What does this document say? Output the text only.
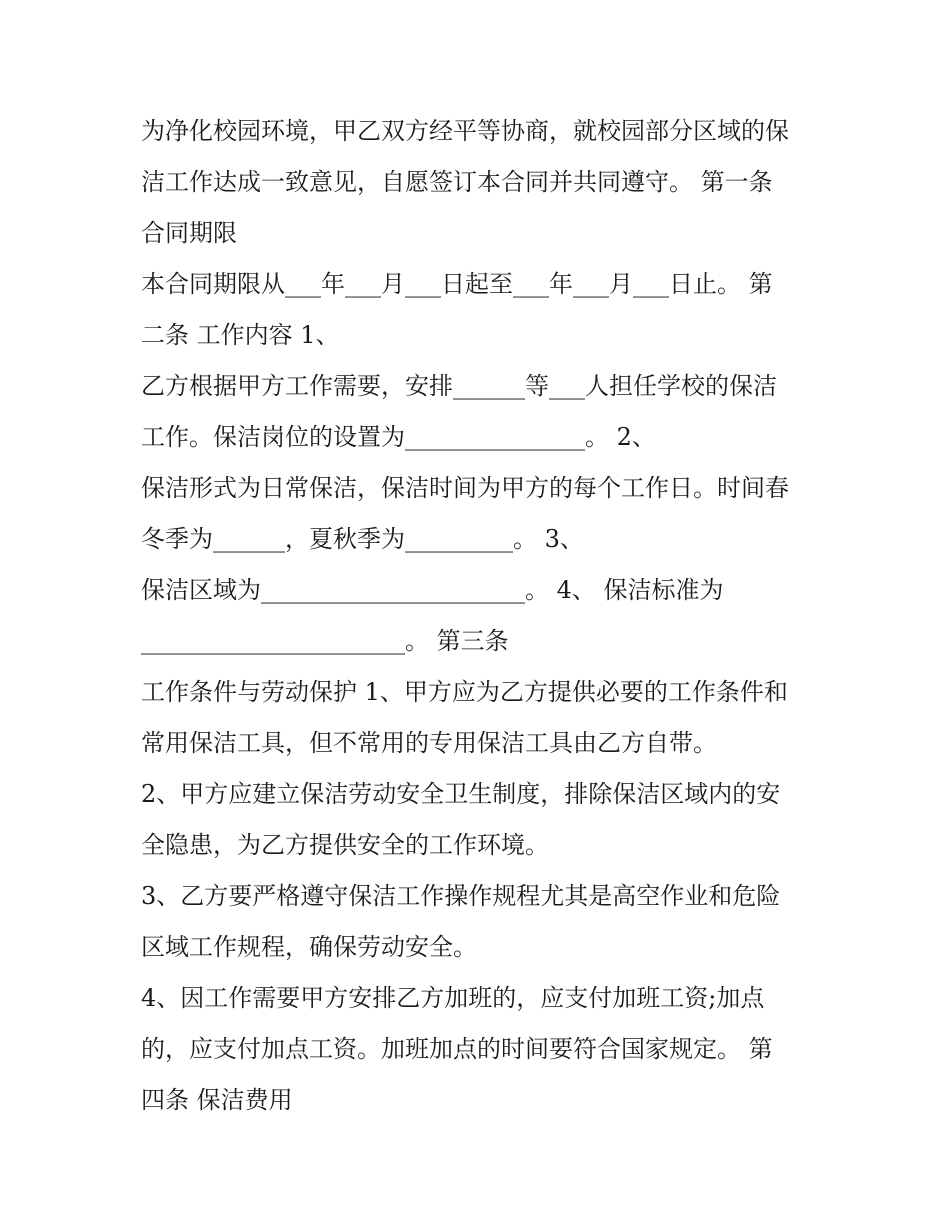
为净化校园环境，甲乙双方经平等协商，就校园部分区域的保
洁工作达成一致意见，自愿签订本合同并共同遵守。 第一条
合同期限
本合同期限从___年___月___日起至___年___月___日止。 第
二条 工作内容 1、
乙方根据甲方工作需要，安排______等___人担任学校的保洁
工作。保洁岗位的设置为_______________。 2、
保洁形式为日常保洁，保洁时间为甲方的每个工作日。时间春
冬季为______，夏秋季为_________。 3、
保洁区域为______________________。 4、 保洁标准为
______________________。 第三条
工作条件与劳动保护 1、甲方应为乙方提供必要的工作条件和
常用保洁工具，但不常用的专用保洁工具由乙方自带。
2、甲方应建立保洁劳动安全卫生制度，排除保洁区域内的安
全隐患，为乙方提供安全的工作环境。
3、乙方要严格遵守保洁工作操作规程尤其是高空作业和危险
区域工作规程，确保劳动安全。
4、因工作需要甲方安排乙方加班的，应支付加班工资;加点
的，应支付加点工资。加班加点的时间要符合国家规定。 第
四条 保洁费用
